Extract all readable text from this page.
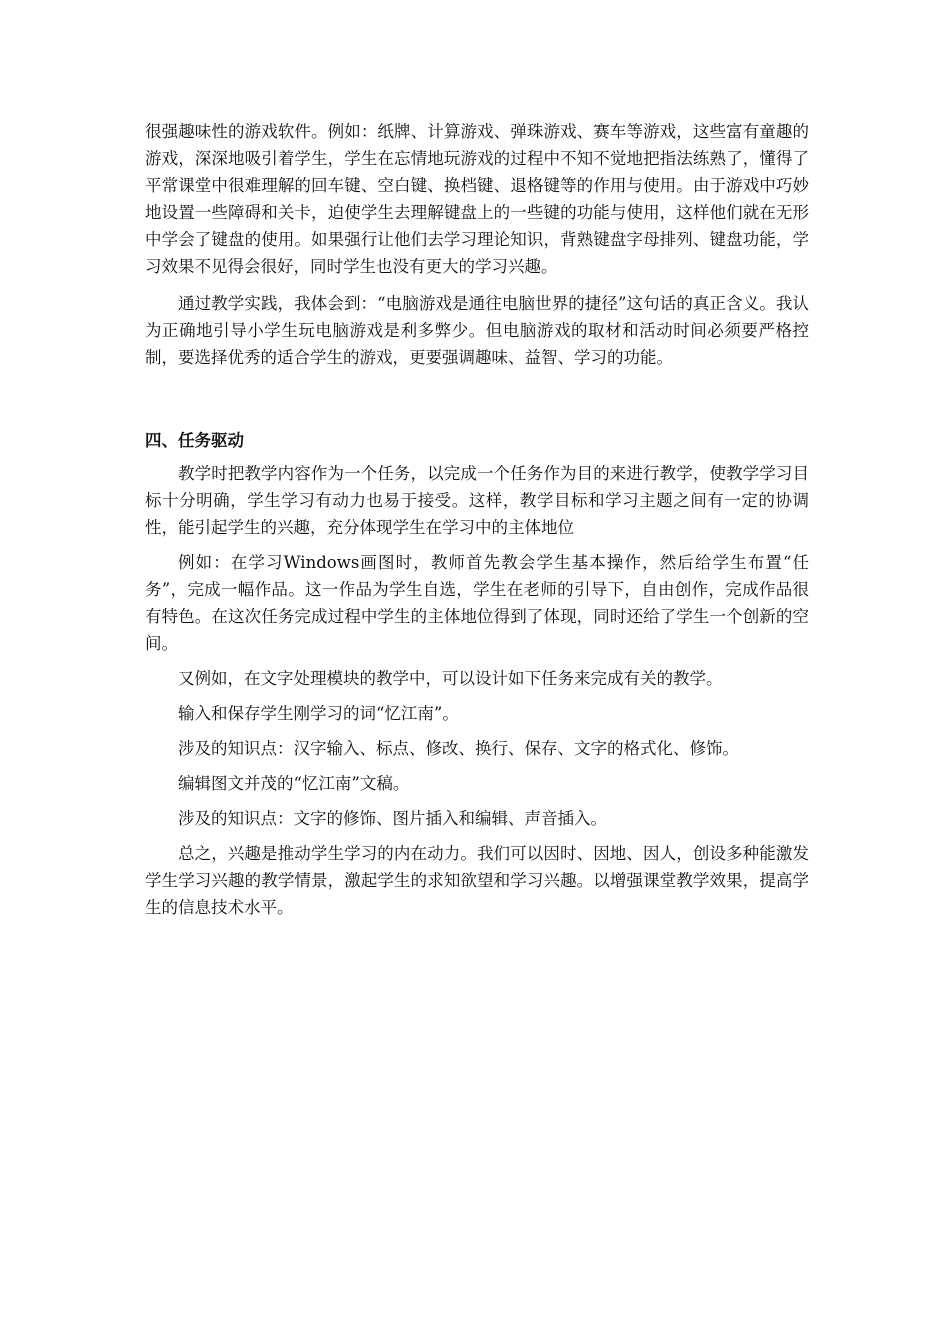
很强趣味性的游戏软件。例如：纸牌、计算游戏、弹珠游戏、赛车等游戏，这些富有童趣的游戏，深深地吸引着学生，学生在忘情地玩游戏的过程中不知不觉地把指法练熟了，懂得了平常课堂中很难理解的回车键、空白键、换档键、退格键等的作用与使用。由于游戏中巧妙地设置一些障碍和关卡，迫使学生去理解键盘上的一些键的功能与使用，这样他们就在无形中学会了键盘的使用。如果强行让他们去学习理论知识，背熟键盘字母排列、键盘功能，学习效果不见得会很好，同时学生也没有更大的学习兴趣。

通过教学实践，我体会到：“电脑游戏是通往电脑世界的捷径”这句话的真正含义。我认为正确地引导小学生玩电脑游戏是利多弊少。但电脑游戏的取材和活动时间必须要严格控制，要选择优秀的适合学生的游戏，更要强调趣味、益智、学习的功能。

四、任务驱动

教学时把教学内容作为一个任务，以完成一个任务作为目的来进行教学，使教学学习目标十分明确，学生学习有动力也易于接受。这样，教学目标和学习主题之间有一定的协调性，能引起学生的兴趣，充分体现学生在学习中的主体地位

例如：在学习Windows画图时，教师首先教会学生基本操作，然后给学生布置“任务”，完成一幅作品。这一作品为学生自选，学生在老师的引导下，自由创作，完成作品很有特色。在这次任务完成过程中学生的主体地位得到了体现，同时还给了学生一个创新的空间。

又例如，在文字处理模块的教学中，可以设计如下任务来完成有关的教学。

输入和保存学生刚学习的词“忆江南”。

涉及的知识点：汉字输入、标点、修改、换行、保存、文字的格式化、修饰。

编辑图文并茂的“忆江南”文稿。

涉及的知识点：文字的修饰、图片插入和编辑、声音插入。

总之，兴趣是推动学生学习的内在动力。我们可以因时、因地、因人，创设多种能激发学生学习兴趣的教学情景，激起学生的求知欲望和学习兴趣。以增强课堂教学效果，提高学生的信息技术水平。
